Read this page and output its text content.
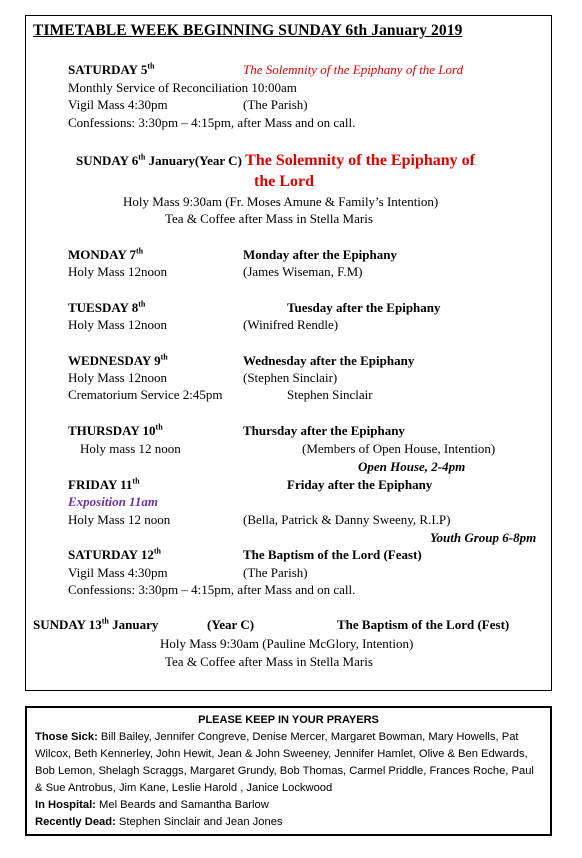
TIMETABLE WEEK BEGINNING SUNDAY 6th January 2019
SATURDAY 5th	The Solemnity of the Epiphany of the Lord
Monthly Service of Reconciliation 10:00am
Vigil Mass 4:30pm	(The Parish)
Confessions: 3:30pm – 4:15pm, after Mass and on call.
SUNDAY 6th January(Year C) The Solemnity of the Epiphany of
the Lord
Holy Mass 9:30am (Fr. Moses Amune & Family’s Intention)
Tea & Coffee after Mass in Stella Maris
MONDAY 7th	Monday after the Epiphany
Holy Mass 12noon	(James Wiseman, F.M)
TUESDAY 8th	Tuesday after the Epiphany
Holy Mass 12noon	(Winifred Rendle)
WEDNESDAY 9th	Wednesday after the Epiphany
Holy Mass 12noon	(Stephen Sinclair)
Crematorium Service 2:45pm	Stephen Sinclair
THURSDAY 10th	Thursday after the Epiphany
Holy mass 12 noon	(Members of Open House, Intention)
Open House, 2-4pm
FRIDAY 11th	Friday after the Epiphany
Exposition 11am
Holy Mass 12 noon	(Bella, Patrick & Danny Sweeny, R.I.P)
Youth Group 6-8pm
SATURDAY 12th	The Baptism of the Lord (Feast)
Vigil Mass 4:30pm	(The Parish)
Confessions: 3:30pm – 4:15pm, after Mass and on call.
SUNDAY 13th January	(Year C)	The Baptism of the Lord (Fest)
Holy Mass 9:30am (Pauline McGlory, Intention)
Tea & Coffee after Mass in Stella Maris
PLEASE KEEP IN YOUR PRAYERS

Those Sick: Bill Bailey, Jennifer Congreve, Denise Mercer, Margaret Bowman, Mary Howells, Pat Wilcox, Beth Kennerley, John Hewit, Jean & John Sweeney, Jennifer Hamlet, Olive & Ben Edwards, Bob Lemon, Shelagh Scraggs, Margaret Grundy, Bob Thomas, Carmel Priddle, Frances Roche, Paul & Sue Antrobus, Jim Kane, Leslie Harold , Janice Lockwood

In Hospital: Mel Beards and Samantha Barlow

Recently Dead: Stephen Sinclair and Jean Jones
